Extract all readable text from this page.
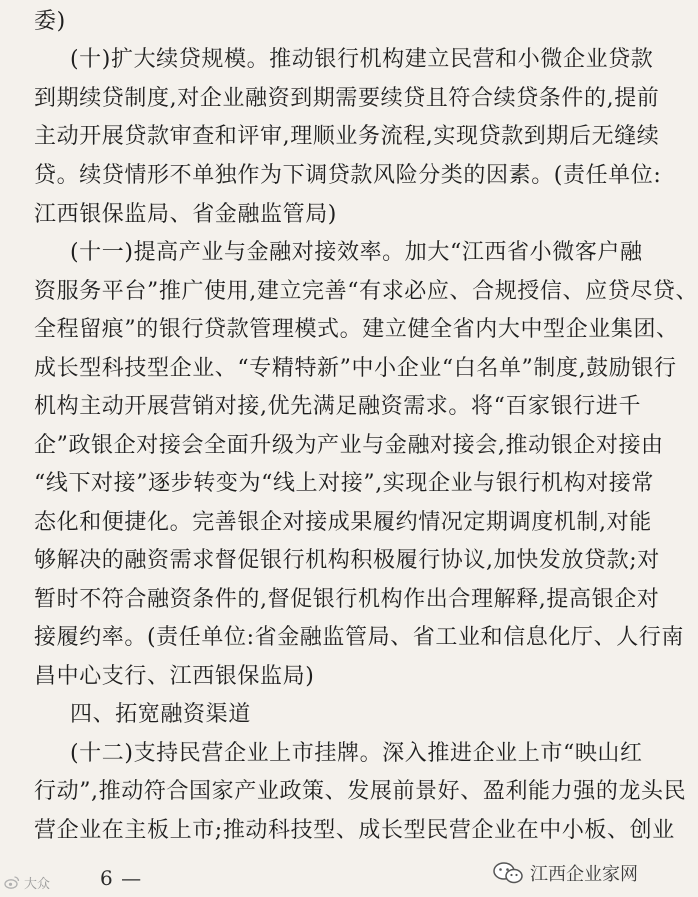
委)
(十)扩大续贷规模。推动银行机构建立民营和小微企业贷款
到期续贷制度,对企业融资到期需要续贷且符合续贷条件的,提前
主动开展贷款审查和评审,理顺业务流程,实现贷款到期后无缝续
贷。续贷情形不单独作为下调贷款风险分类的因素。(责任单位:
江西银保监局、省金融监管局)
(十一)提高产业与金融对接效率。加大“江西省小微客户融
资服务平台”推广使用,建立完善“有求必应、合规授信、应贷尽贷、
全程留痕”的银行贷款管理模式。建立健全省内大中型企业集团、
成长型科技型企业、“专精特新”中小企业“白名单”制度,鼓励银行
机构主动开展营销对接,优先满足融资需求。将“百家银行进千
企”政银企对接会全面升级为产业与金融对接会,推动银企对接由
“线下对接”逐步转变为“线上对接”,实现企业与银行机构对接常
态化和便捷化。完善银企对接成果履约情况定期调度机制,对能
够解决的融资需求督促银行机构积极履行协议,加快发放贷款;对
暂时不符合融资条件的,督促银行机构作出合理解释,提高银企对
接履约率。(责任单位:省金融监管局、省工业和信息化厅、人行南
昌中心支行、江西银保监局)
四、拓宽融资渠道
(十二)支持民营企业上市挂牌。深入推进企业上市“映山红
行动”,推动符合国家产业政策、发展前景好、盈利能力强的龙头民
营企业在主板上市;推动科技型、成长型民营企业在中小板、创业
大众 6 —	江西企业家网
